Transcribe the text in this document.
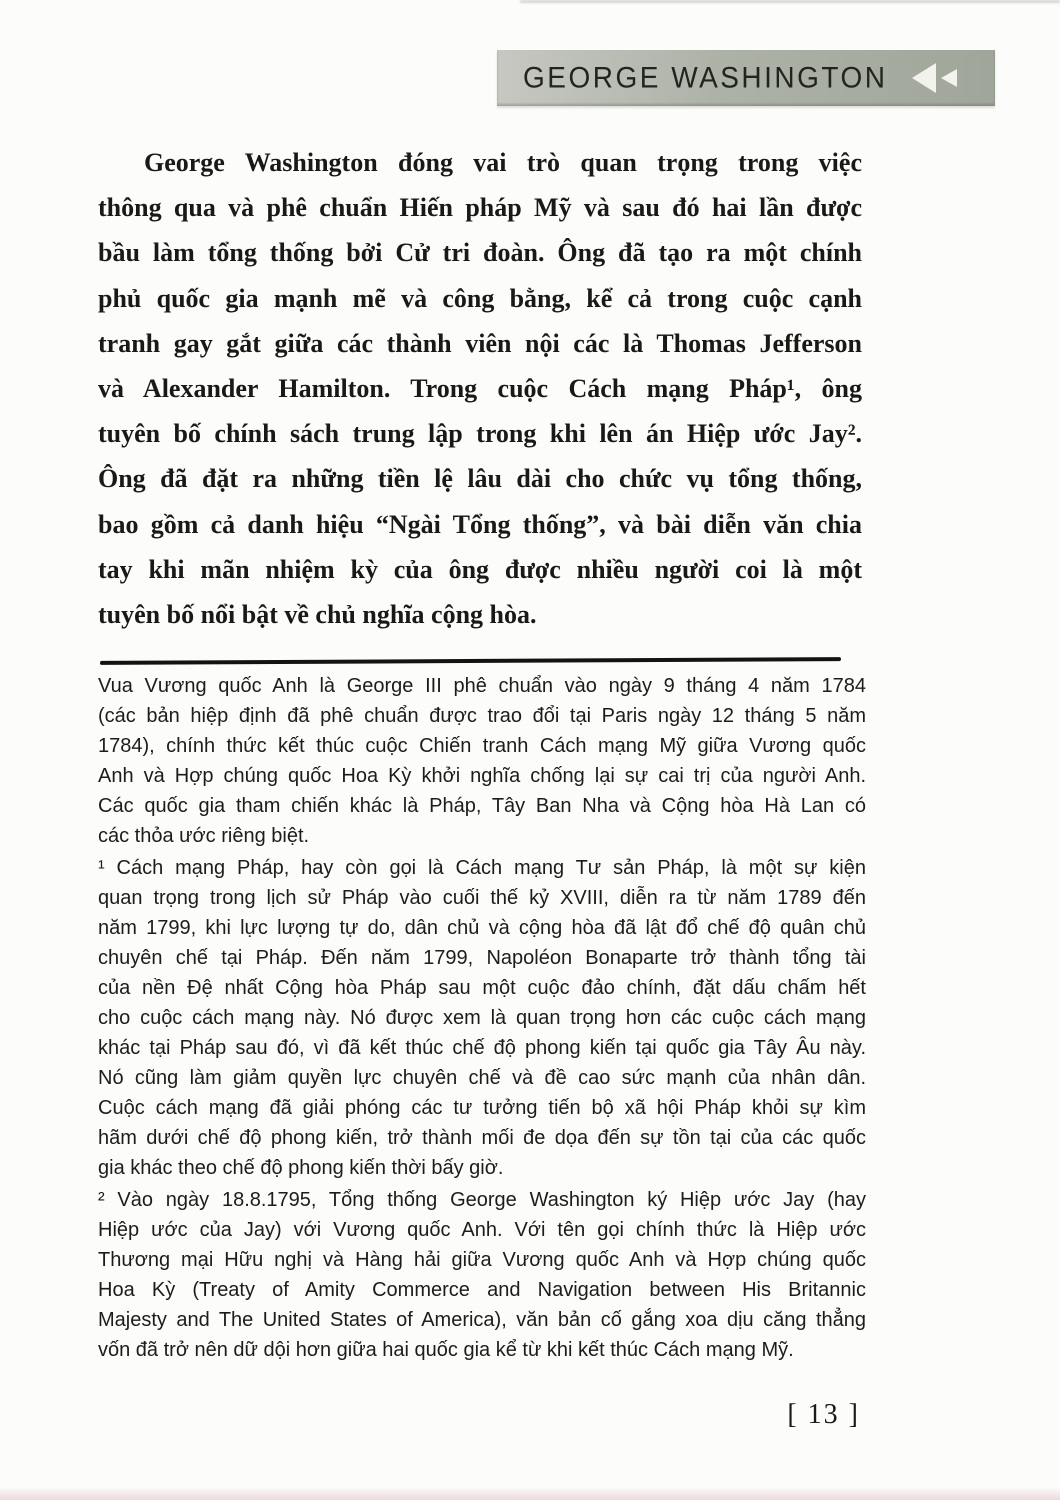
GEORGE WASHINGTON
George Washington đóng vai trò quan trọng trong việc
thông qua và phê chuẩn Hiến pháp Mỹ và sau đó hai lần được
bầu làm tổng thống bởi Cử tri đoàn. Ông đã tạo ra một chính
phủ quốc gia mạnh mẽ và công bằng, kể cả trong cuộc cạnh
tranh gay gắt giữa các thành viên nội các là Thomas Jefferson
và Alexander Hamilton. Trong cuộc Cách mạng Pháp¹, ông
tuyên bố chính sách trung lập trong khi lên án Hiệp ước Jay².
Ông đã đặt ra những tiền lệ lâu dài cho chức vụ tổng thống,
bao gồm cả danh hiệu “Ngài Tổng thống”, và bài diễn văn chia
tay khi mãn nhiệm kỳ của ông được nhiều người coi là một
tuyên bố nổi bật về chủ nghĩa cộng hòa.
Vua Vương quốc Anh là George III phê chuẩn vào ngày 9 tháng 4 năm 1784
(các bản hiệp định đã phê chuẩn được trao đổi tại Paris ngày 12 tháng 5 năm
1784), chính thức kết thúc cuộc Chiến tranh Cách mạng Mỹ giữa Vương quốc
Anh và Hợp chúng quốc Hoa Kỳ khởi nghĩa chống lại sự cai trị của người Anh.
Các quốc gia tham chiến khác là Pháp, Tây Ban Nha và Cộng hòa Hà Lan có
các thỏa ước riêng biệt.
¹ Cách mạng Pháp, hay còn gọi là Cách mạng Tư sản Pháp, là một sự kiện
quan trọng trong lịch sử Pháp vào cuối thế kỷ XVIII, diễn ra từ năm 1789 đến
năm 1799, khi lực lượng tự do, dân chủ và cộng hòa đã lật đổ chế độ quân chủ
chuyên chế tại Pháp. Đến năm 1799, Napoléon Bonaparte trở thành tổng tài
của nền Đệ nhất Cộng hòa Pháp sau một cuộc đảo chính, đặt dấu chấm hết
cho cuộc cách mạng này. Nó được xem là quan trọng hơn các cuộc cách mạng
khác tại Pháp sau đó, vì đã kết thúc chế độ phong kiến tại quốc gia Tây Âu này.
Nó cũng làm giảm quyền lực chuyên chế và đề cao sức mạnh của nhân dân.
Cuộc cách mạng đã giải phóng các tư tưởng tiến bộ xã hội Pháp khỏi sự kìm
hãm dưới chế độ phong kiến, trở thành mối đe dọa đến sự tồn tại của các quốc
gia khác theo chế độ phong kiến thời bấy giờ.
² Vào ngày 18.8.1795, Tổng thống George Washington ký Hiệp ước Jay (hay
Hiệp ước của Jay) với Vương quốc Anh. Với tên gọi chính thức là Hiệp ước
Thương mại Hữu nghị và Hàng hải giữa Vương quốc Anh và Hợp chúng quốc
Hoa Kỳ (Treaty of Amity Commerce and Navigation between His Britannic
Majesty and The United States of America), văn bản cố gắng xoa dịu căng thẳng
vốn đã trở nên dữ dội hơn giữa hai quốc gia kể từ khi kết thúc Cách mạng Mỹ.
[ 13 ]
